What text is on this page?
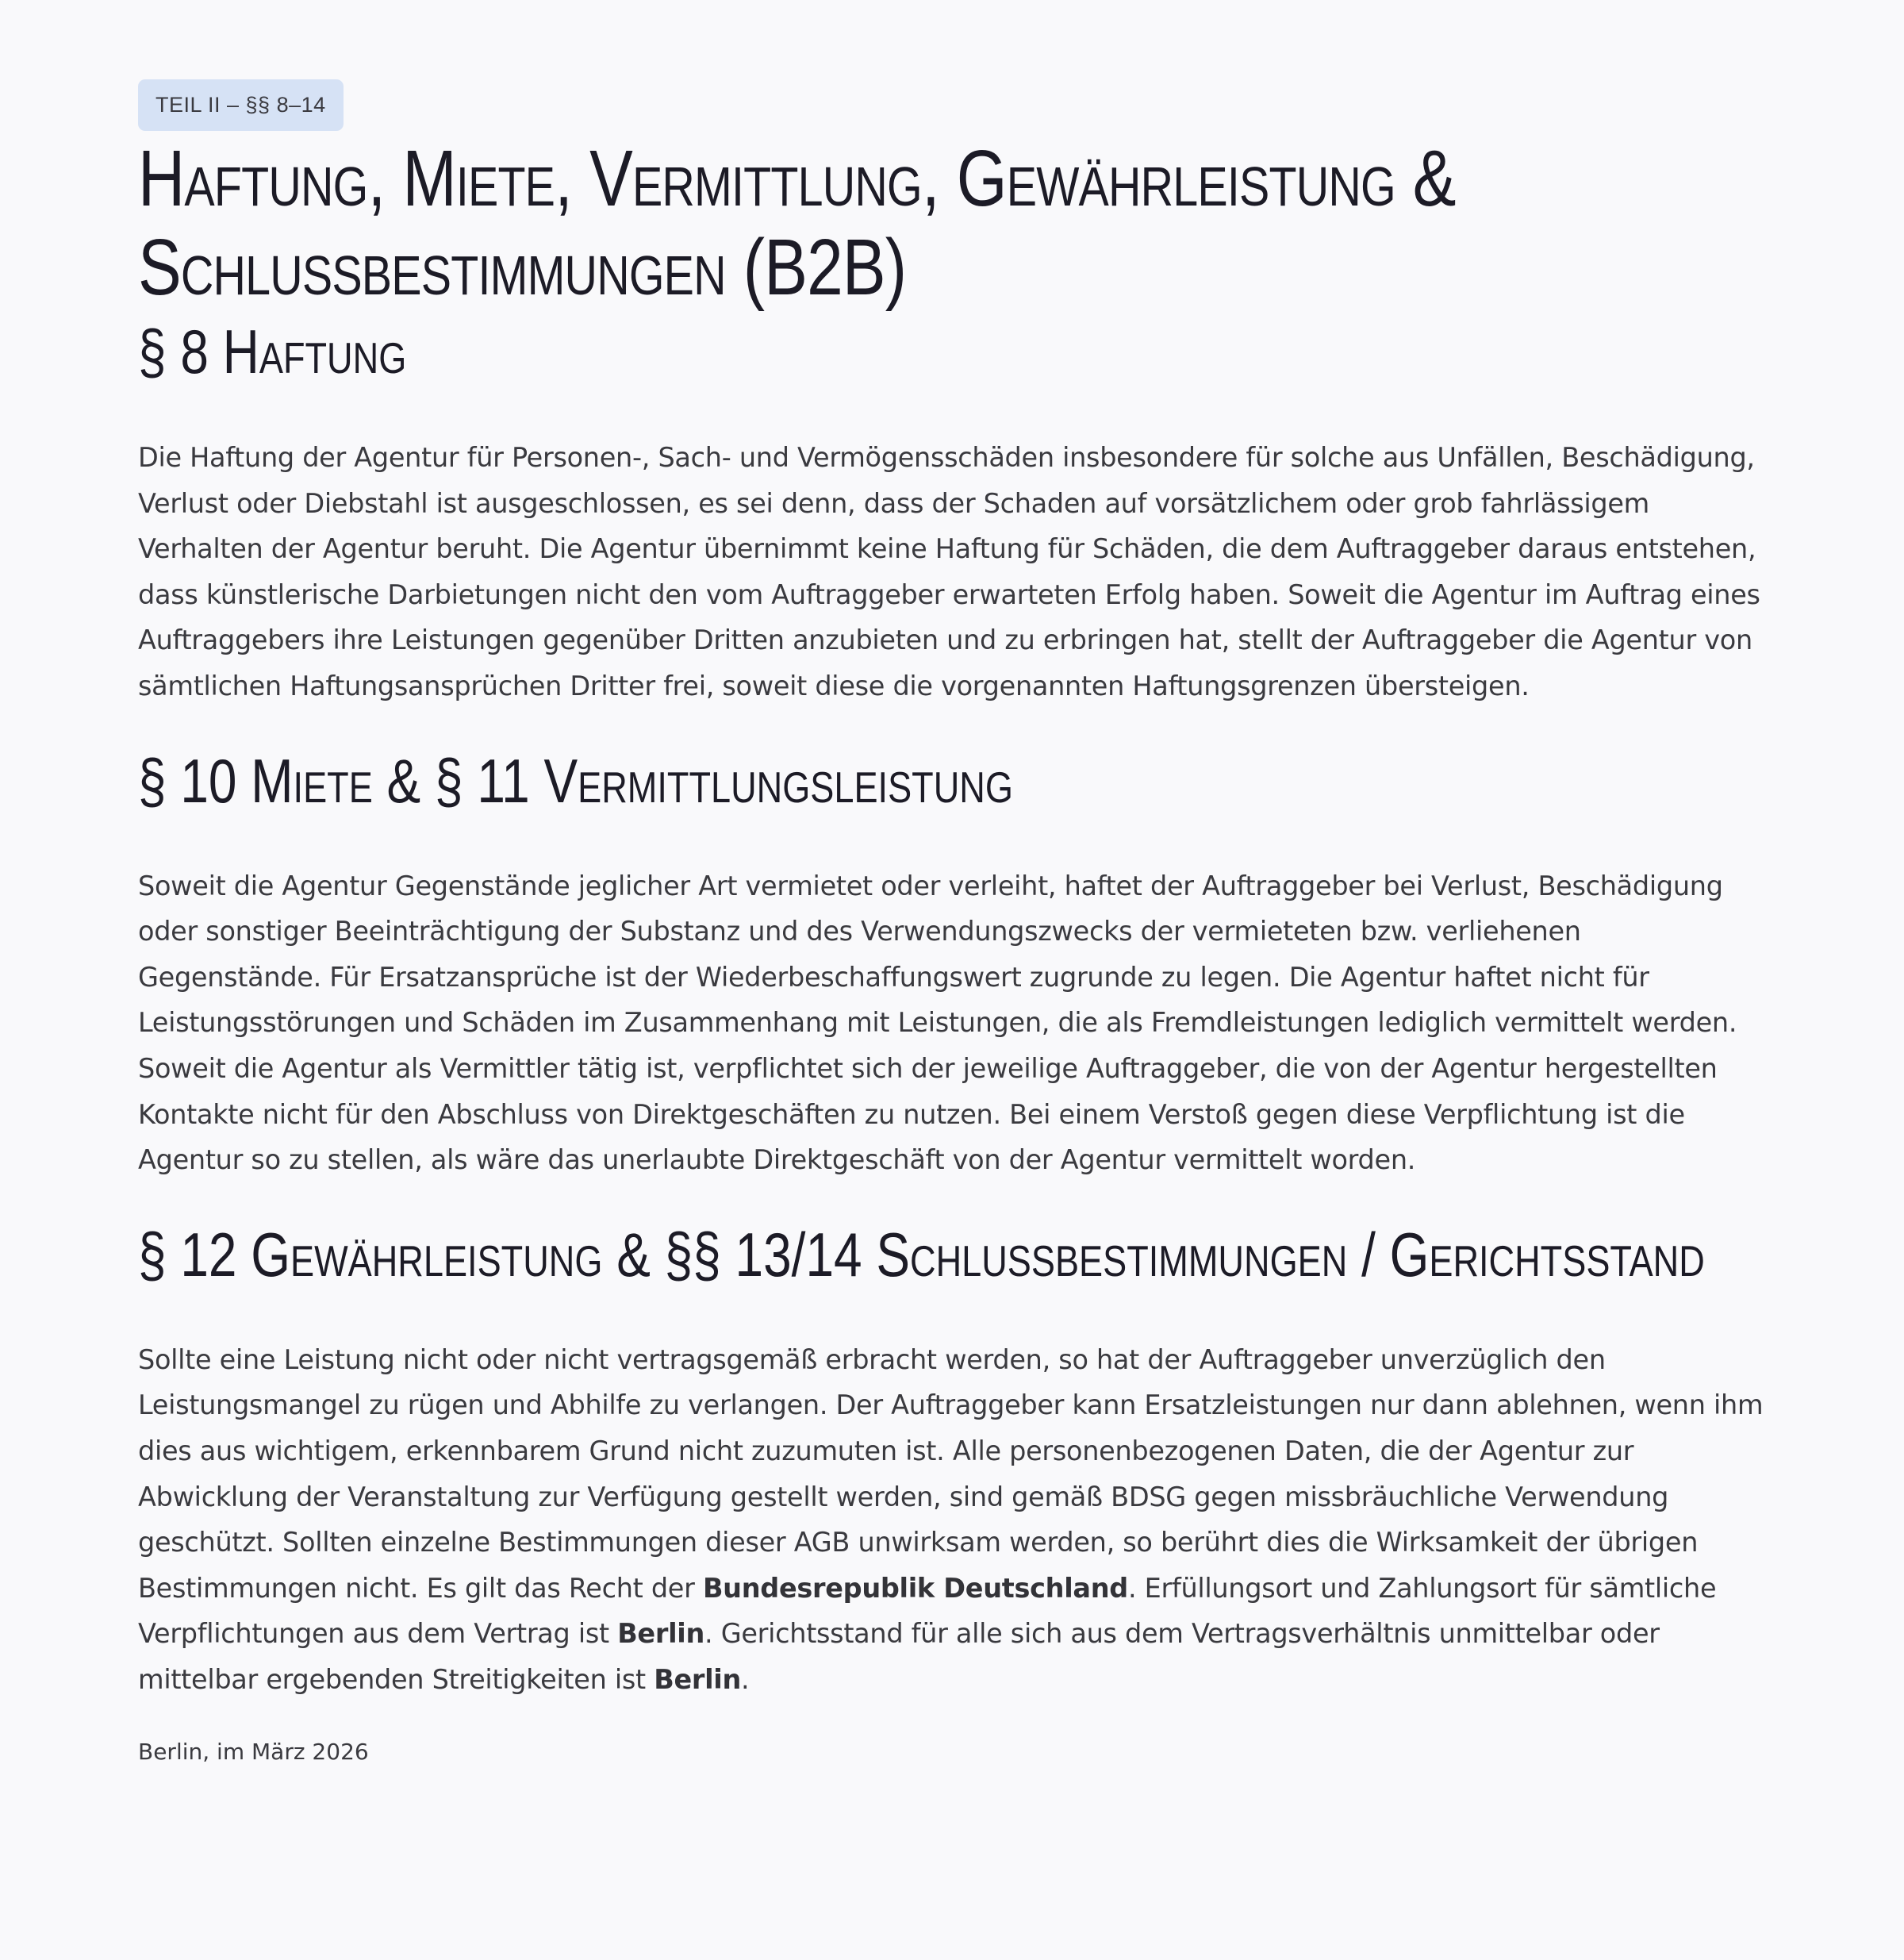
TEIL II – §§ 8–14
Haftung, Miete, Vermittlung, Gewährleistung & Schlussbestimmungen (B2B)
§ 8 Haftung

Die Haftung der Agentur für Personen-, Sach- und Vermögensschäden insbesondere für solche aus Unfällen, Beschädigung, Verlust oder Diebstahl ist ausgeschlossen, es sei denn, dass der Schaden auf vorsätzlichem oder grob fahrlässigem Verhalten der Agentur beruht. Die Agentur übernimmt keine Haftung für Schäden, die dem Auftraggeber daraus entstehen, dass künstlerische Darbietungen nicht den vom Auftraggeber erwarteten Erfolg haben. Soweit die Agentur im Auftrag eines Auftraggebers ihre Leistungen gegenüber Dritten anzubieten und zu erbringen hat, stellt der Auftraggeber die Agentur von sämtlichen Haftungsansprüchen Dritter frei, soweit diese die vorgenannten Haftungsgrenzen übersteigen.

§ 10 Miete & § 11 Vermittlungsleistung

Soweit die Agentur Gegenstände jeglicher Art vermietet oder verleiht, haftet der Auftraggeber bei Verlust, Beschädigung oder sonstiger Beeinträchtigung der Substanz und des Verwendungszwecks der vermieteten bzw. verliehenen Gegenstände. Für Ersatzansprüche ist der Wiederbeschaffungswert zugrunde zu legen. Die Agentur haftet nicht für Leistungsstörungen und Schäden im Zusammenhang mit Leistungen, die als Fremdleistungen lediglich vermittelt werden. Soweit die Agentur als Vermittler tätig ist, verpflichtet sich der jeweilige Auftraggeber, die von der Agentur hergestellten Kontakte nicht für den Abschluss von Direktgeschäften zu nutzen. Bei einem Verstoß gegen diese Verpflichtung ist die Agentur so zu stellen, als wäre das unerlaubte Direktgeschäft von der Agentur vermittelt worden.

§ 12 Gewährleistung & §§ 13/14 Schlussbestimmungen / Gerichtsstand

Sollte eine Leistung nicht oder nicht vertragsgemäß erbracht werden, so hat der Auftraggeber unverzüglich den Leistungsmangel zu rügen und Abhilfe zu verlangen. Der Auftraggeber kann Ersatzleistungen nur dann ablehnen, wenn ihm dies aus wichtigem, erkennbarem Grund nicht zuzumuten ist. Alle personenbezogenen Daten, die der Agentur zur Abwicklung der Veranstaltung zur Verfügung gestellt werden, sind gemäß BDSG gegen missbräuchliche Verwendung geschützt. Sollten einzelne Bestimmungen dieser AGB unwirksam werden, so berührt dies die Wirksamkeit der übrigen Bestimmungen nicht. Es gilt das Recht der Bundesrepublik Deutschland. Erfüllungsort und Zahlungsort für sämtliche Verpflichtungen aus dem Vertrag ist Berlin. Gerichtsstand für alle sich aus dem Vertragsverhältnis unmittelbar oder mittelbar ergebenden Streitigkeiten ist Berlin.

Berlin, im März 2026
